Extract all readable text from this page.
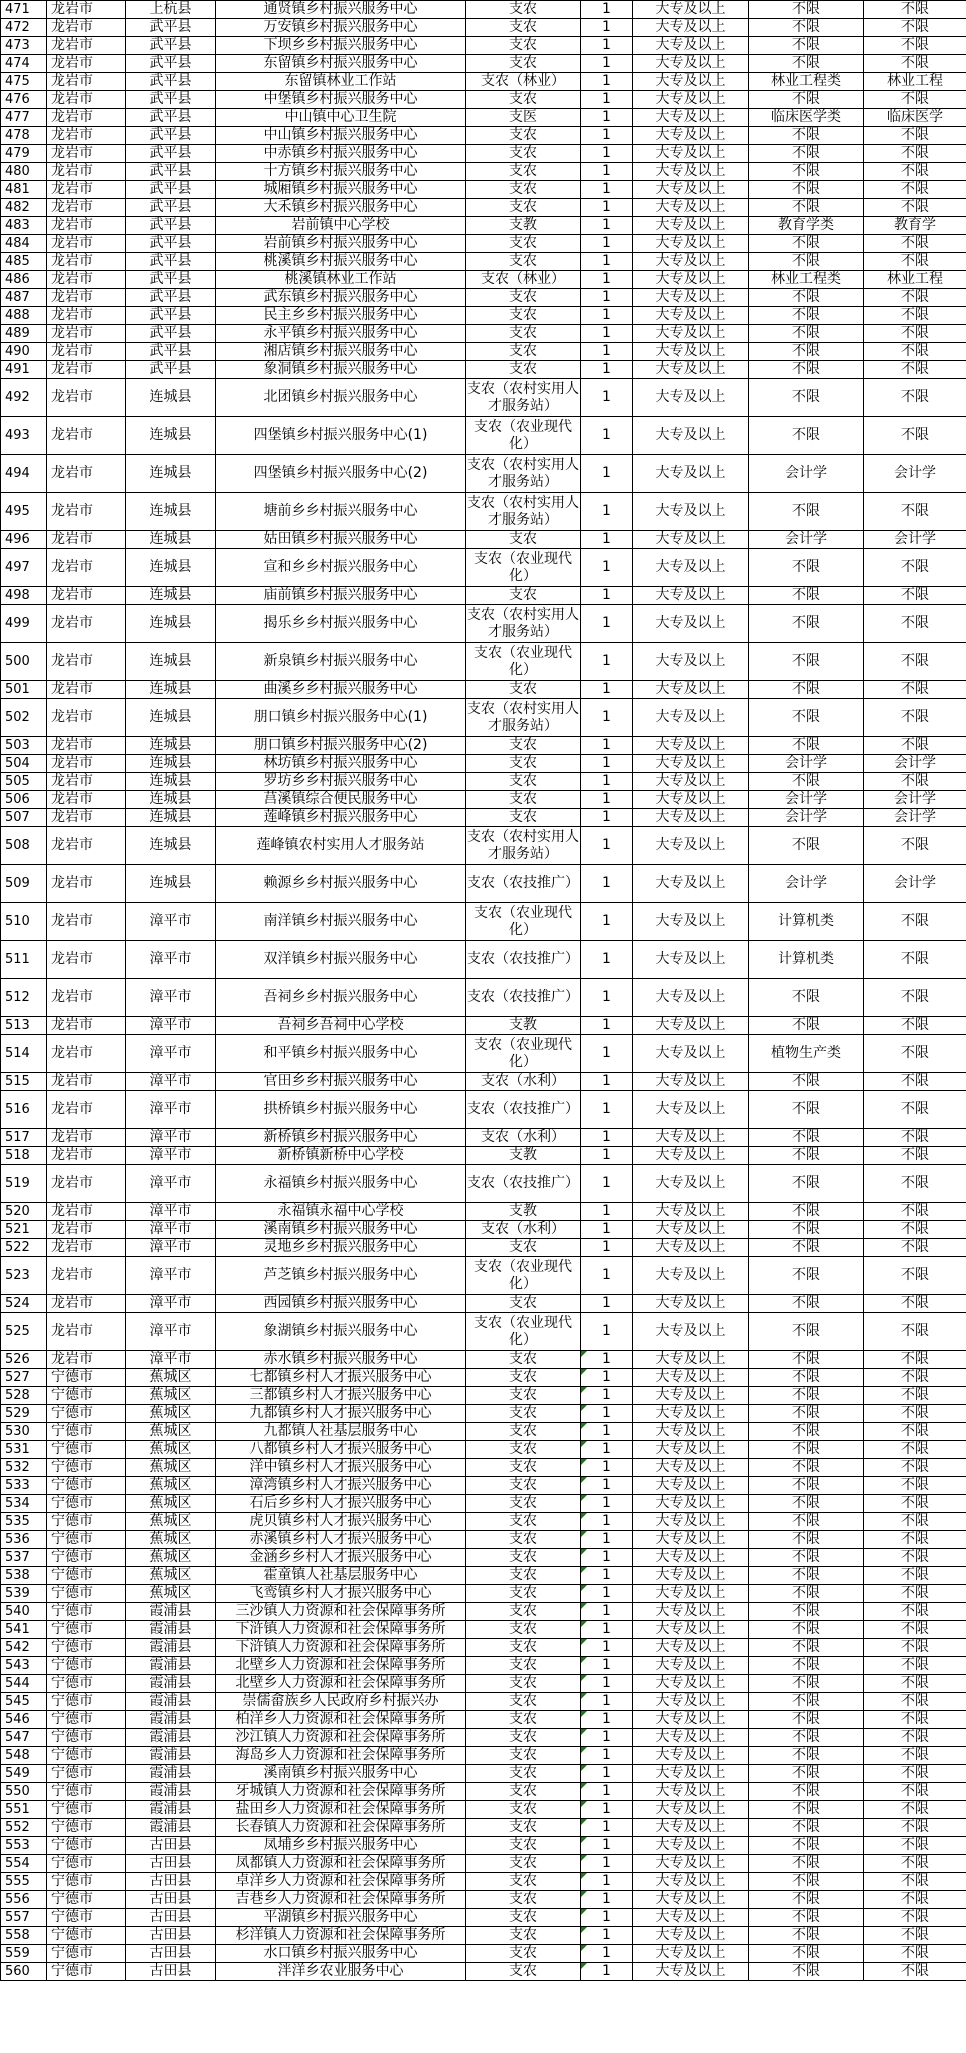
471	龙岩市	上杭县	通贤镇乡村振兴服务中心	支农	1	大专及以上	不限	不限
472	龙岩市	武平县	万安镇乡村振兴服务中心	支农	1	大专及以上	不限	不限
473	龙岩市	武平县	下坝乡乡村振兴服务中心	支农	1	大专及以上	不限	不限
474	龙岩市	武平县	东留镇乡村振兴服务中心	支农	1	大专及以上	不限	不限
475	龙岩市	武平县	东留镇林业工作站	支农（林业）	1	大专及以上	林业工程类	林业工程
476	龙岩市	武平县	中堡镇乡村振兴服务中心	支农	1	大专及以上	不限	不限
477	龙岩市	武平县	中山镇中心卫生院	支医	1	大专及以上	临床医学类	临床医学
478	龙岩市	武平县	中山镇乡村振兴服务中心	支农	1	大专及以上	不限	不限
479	龙岩市	武平县	中赤镇乡村振兴服务中心	支农	1	大专及以上	不限	不限
480	龙岩市	武平县	十方镇乡村振兴服务中心	支农	1	大专及以上	不限	不限
481	龙岩市	武平县	城厢镇乡村振兴服务中心	支农	1	大专及以上	不限	不限
482	龙岩市	武平县	大禾镇乡村振兴服务中心	支农	1	大专及以上	不限	不限
483	龙岩市	武平县	岩前镇中心学校	支教	1	大专及以上	教育学类	教育学
484	龙岩市	武平县	岩前镇乡村振兴服务中心	支农	1	大专及以上	不限	不限
485	龙岩市	武平县	桃溪镇乡村振兴服务中心	支农	1	大专及以上	不限	不限
486	龙岩市	武平县	桃溪镇林业工作站	支农（林业）	1	大专及以上	林业工程类	林业工程
487	龙岩市	武平县	武东镇乡村振兴服务中心	支农	1	大专及以上	不限	不限
488	龙岩市	武平县	民主乡乡村振兴服务中心	支农	1	大专及以上	不限	不限
489	龙岩市	武平县	永平镇乡村振兴服务中心	支农	1	大专及以上	不限	不限
490	龙岩市	武平县	湘店镇乡村振兴服务中心	支农	1	大专及以上	不限	不限
491	龙岩市	武平县	象洞镇乡村振兴服务中心	支农	1	大专及以上	不限	不限
492	龙岩市	连城县	北团镇乡村振兴服务中心	支农（农村实用人才服务站）	1	大专及以上	不限	不限
493	龙岩市	连城县	四堡镇乡村振兴服务中心(1)	支农（农业现代化）	1	大专及以上	不限	不限
494	龙岩市	连城县	四堡镇乡村振兴服务中心(2)	支农（农村实用人才服务站）	1	大专及以上	会计学	会计学
495	龙岩市	连城县	塘前乡乡村振兴服务中心	支农（农村实用人才服务站）	1	大专及以上	不限	不限
496	龙岩市	连城县	姑田镇乡村振兴服务中心	支农	1	大专及以上	会计学	会计学
497	龙岩市	连城县	宣和乡乡村振兴服务中心	支农（农业现代化）	1	大专及以上	不限	不限
498	龙岩市	连城县	庙前镇乡村振兴服务中心	支农	1	大专及以上	不限	不限
499	龙岩市	连城县	揭乐乡乡村振兴服务中心	支农（农村实用人才服务站）	1	大专及以上	不限	不限
500	龙岩市	连城县	新泉镇乡村振兴服务中心	支农（农业现代化）	1	大专及以上	不限	不限
501	龙岩市	连城县	曲溪乡乡村振兴服务中心	支农	1	大专及以上	不限	不限
502	龙岩市	连城县	朋口镇乡村振兴服务中心(1)	支农（农村实用人才服务站）	1	大专及以上	不限	不限
503	龙岩市	连城县	朋口镇乡村振兴服务中心(2)	支农	1	大专及以上	不限	不限
504	龙岩市	连城县	林坊镇乡村振兴服务中心	支农	1	大专及以上	会计学	会计学
505	龙岩市	连城县	罗坊乡乡村振兴服务中心	支农	1	大专及以上	不限	不限
506	龙岩市	连城县	莒溪镇综合便民服务中心	支农	1	大专及以上	会计学	会计学
507	龙岩市	连城县	莲峰镇乡村振兴服务中心	支农	1	大专及以上	会计学	会计学
508	龙岩市	连城县	莲峰镇农村实用人才服务站	支农（农村实用人才服务站）	1	大专及以上	不限	不限
509	龙岩市	连城县	赖源乡乡村振兴服务中心	支农（农技推广）	1	大专及以上	会计学	会计学
510	龙岩市	漳平市	南洋镇乡村振兴服务中心	支农（农业现代化）	1	大专及以上	计算机类	不限
511	龙岩市	漳平市	双洋镇乡村振兴服务中心	支农（农技推广）	1	大专及以上	计算机类	不限
512	龙岩市	漳平市	吾祠乡乡村振兴服务中心	支农（农技推广）	1	大专及以上	不限	不限
513	龙岩市	漳平市	吾祠乡吾祠中心学校	支教	1	大专及以上	不限	不限
514	龙岩市	漳平市	和平镇乡村振兴服务中心	支农（农业现代化）	1	大专及以上	植物生产类	不限
515	龙岩市	漳平市	官田乡乡村振兴服务中心	支农（水利）	1	大专及以上	不限	不限
516	龙岩市	漳平市	拱桥镇乡村振兴服务中心	支农（农技推广）	1	大专及以上	不限	不限
517	龙岩市	漳平市	新桥镇乡村振兴服务中心	支农（水利）	1	大专及以上	不限	不限
518	龙岩市	漳平市	新桥镇新桥中心学校	支教	1	大专及以上	不限	不限
519	龙岩市	漳平市	永福镇乡村振兴服务中心	支农（农技推广）	1	大专及以上	不限	不限
520	龙岩市	漳平市	永福镇永福中心学校	支教	1	大专及以上	不限	不限
521	龙岩市	漳平市	溪南镇乡村振兴服务中心	支农（水利）	1	大专及以上	不限	不限
522	龙岩市	漳平市	灵地乡乡村振兴服务中心	支农	1	大专及以上	不限	不限
523	龙岩市	漳平市	芦芝镇乡村振兴服务中心	支农（农业现代化）	1	大专及以上	不限	不限
524	龙岩市	漳平市	西园镇乡村振兴服务中心	支农	1	大专及以上	不限	不限
525	龙岩市	漳平市	象湖镇乡村振兴服务中心	支农（农业现代化）	1	大专及以上	不限	不限
526	龙岩市	漳平市	赤水镇乡村振兴服务中心	支农	1	大专及以上	不限	不限
527	宁德市	蕉城区	七都镇乡村人才振兴服务中心	支农	1	大专及以上	不限	不限
528	宁德市	蕉城区	三都镇乡村人才振兴服务中心	支农	1	大专及以上	不限	不限
529	宁德市	蕉城区	九都镇乡村人才振兴服务中心	支农	1	大专及以上	不限	不限
530	宁德市	蕉城区	九都镇人社基层服务中心	支农	1	大专及以上	不限	不限
531	宁德市	蕉城区	八都镇乡村人才振兴服务中心	支农	1	大专及以上	不限	不限
532	宁德市	蕉城区	洋中镇乡村人才振兴服务中心	支农	1	大专及以上	不限	不限
533	宁德市	蕉城区	漳湾镇乡村人才振兴服务中心	支农	1	大专及以上	不限	不限
534	宁德市	蕉城区	石后乡乡村人才振兴服务中心	支农	1	大专及以上	不限	不限
535	宁德市	蕉城区	虎贝镇乡村人才振兴服务中心	支农	1	大专及以上	不限	不限
536	宁德市	蕉城区	赤溪镇乡村人才振兴服务中心	支农	1	大专及以上	不限	不限
537	宁德市	蕉城区	金涵乡乡村人才振兴服务中心	支农	1	大专及以上	不限	不限
538	宁德市	蕉城区	霍童镇人社基层服务中心	支农	1	大专及以上	不限	不限
539	宁德市	蕉城区	飞鸾镇乡村人才振兴服务中心	支农	1	大专及以上	不限	不限
540	宁德市	霞浦县	三沙镇人力资源和社会保障事务所	支农	1	大专及以上	不限	不限
541	宁德市	霞浦县	下浒镇人力资源和社会保障事务所	支农	1	大专及以上	不限	不限
542	宁德市	霞浦县	下浒镇人力资源和社会保障事务所	支农	1	大专及以上	不限	不限
543	宁德市	霞浦县	北壁乡人力资源和社会保障事务所	支农	1	大专及以上	不限	不限
544	宁德市	霞浦县	北壁乡人力资源和社会保障事务所	支农	1	大专及以上	不限	不限
545	宁德市	霞浦县	崇儒畲族乡人民政府乡村振兴办	支农	1	大专及以上	不限	不限
546	宁德市	霞浦县	柏洋乡人力资源和社会保障事务所	支农	1	大专及以上	不限	不限
547	宁德市	霞浦县	沙江镇人力资源和社会保障事务所	支农	1	大专及以上	不限	不限
548	宁德市	霞浦县	海岛乡人力资源和社会保障事务所	支农	1	大专及以上	不限	不限
549	宁德市	霞浦县	溪南镇乡村振兴服务中心	支农	1	大专及以上	不限	不限
550	宁德市	霞浦县	牙城镇人力资源和社会保障事务所	支农	1	大专及以上	不限	不限
551	宁德市	霞浦县	盐田乡人力资源和社会保障事务所	支农	1	大专及以上	不限	不限
552	宁德市	霞浦县	长春镇人力资源和社会保障事务所	支农	1	大专及以上	不限	不限
553	宁德市	古田县	凤埔乡乡村振兴服务中心	支农	1	大专及以上	不限	不限
554	宁德市	古田县	凤都镇人力资源和社会保障事务所	支农	1	大专及以上	不限	不限
555	宁德市	古田县	卓洋乡人力资源和社会保障事务所	支农	1	大专及以上	不限	不限
556	宁德市	古田县	吉巷乡人力资源和社会保障事务所	支农	1	大专及以上	不限	不限
557	宁德市	古田县	平湖镇乡村振兴服务中心	支农	1	大专及以上	不限	不限
558	宁德市	古田县	杉洋镇人力资源和社会保障事务所	支农	1	大专及以上	不限	不限
559	宁德市	古田县	水口镇乡村振兴服务中心	支农	1	大专及以上	不限	不限
560	宁德市	古田县	泮洋乡农业服务中心	支农	1	大专及以上	不限	不限
